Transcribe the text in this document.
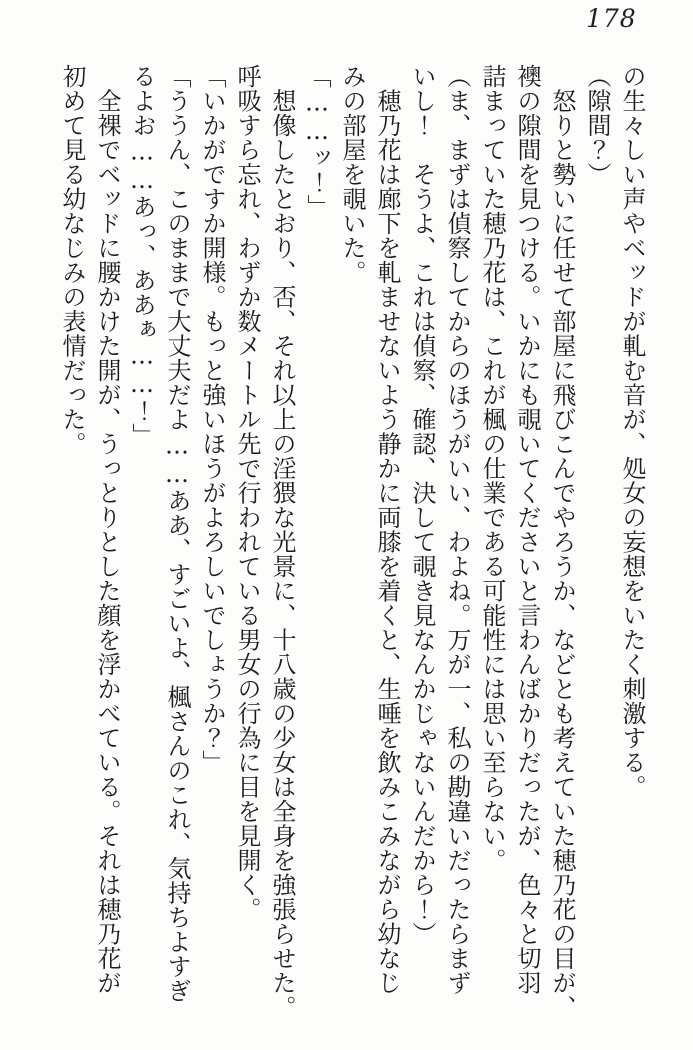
178

の生々しい声やベッドが軋む音が、処女の妄想をいたく刺激する。

（隙間？）

　怒りと勢いに任せて部屋に飛びこんでやろうか、などとも考えていた穂乃花の目が、
襖の隙間を見つける。いかにも覗いてくださいと言わんばかりだったが、色々と切羽
詰まっていた穂乃花は、これが楓の仕業である可能性には思い至らない。

（ま、まずは偵察してからのほうがいい、わよね。万が一、私の勘違いだったらまず
いし！　そうよ、これは偵察、確認、決して覗き見なんかじゃないんだから！）

　穂乃花は廊下を軋ませないよう静かに両膝を着くと、生唾を飲みこみながら幼なじ
みの部屋を覗いた。

「……ッ！」

　想像したとおり、否、それ以上の淫猥な光景に、十八歳の少女は全身を強張らせた。
呼吸すら忘れ、わずか数メートル先で行われている男女の行為に目を見開く。

「いかがですか開様。もっと強いほうがよろしいでしょうか？」

「ううん、このままで大丈夫だよ……ああ、すごいよ、楓さんのこれ、気持ちよすぎ
るよお……あっ、ああぁ……！」

　全裸でベッドに腰かけた開が、うっとりとした顔を浮かべている。それは穂乃花が
初めて見る幼なじみの表情だった。
